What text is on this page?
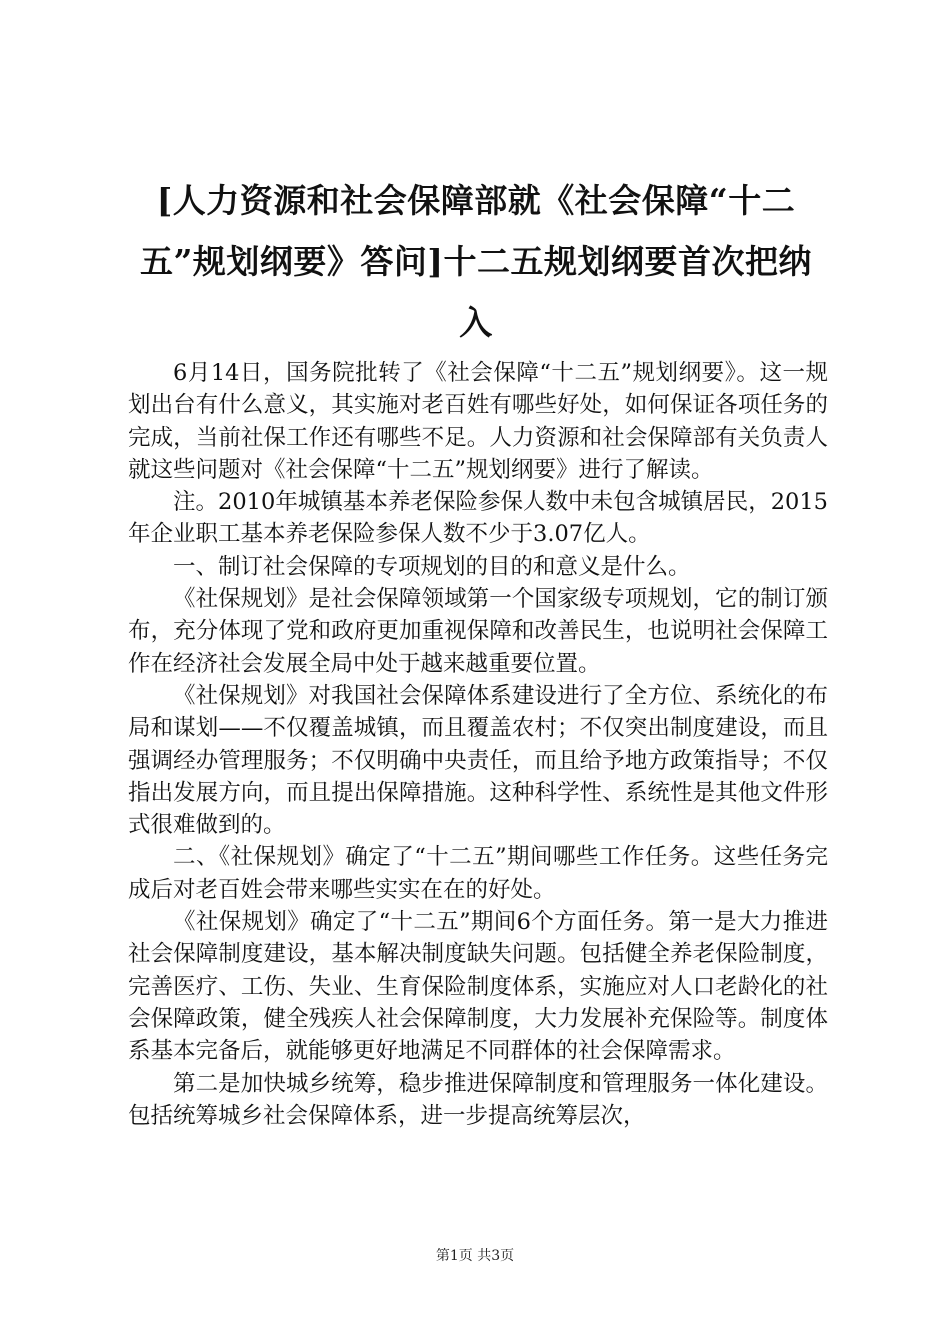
[人力资源和社会保障部就《社会保障“十二五”规划纲要》答问]十二五规划纲要首次把纳入

6月14日，国务院批转了《社会保障“十二五”规划纲要》。这一规划出台有什么意义，其实施对老百姓有哪些好处，如何保证各项任务的完成，当前社保工作还有哪些不足。人力资源和社会保障部有关负责人就这些问题对《社会保障“十二五”规划纲要》进行了解读。

注。2010年城镇基本养老保险参保人数中未包含城镇居民，2015年企业职工基本养老保险参保人数不少于3.07亿人。

一、制订社会保障的专项规划的目的和意义是什么。

《社保规划》是社会保障领域第一个国家级专项规划，它的制订颁布，充分体现了党和政府更加重视保障和改善民生，也说明社会保障工作在经济社会发展全局中处于越来越重要位置。

《社保规划》对我国社会保障体系建设进行了全方位、系统化的布局和谋划——不仅覆盖城镇，而且覆盖农村；不仅突出制度建设，而且强调经办管理服务；不仅明确中央责任，而且给予地方政策指导；不仅指出发展方向，而且提出保障措施。这种科学性、系统性是其他文件形式很难做到的。

二、《社保规划》确定了“十二五”期间哪些工作任务。这些任务完成后对老百姓会带来哪些实实在在的好处。

《社保规划》确定了“十二五”期间6个方面任务。第一是大力推进社会保障制度建设，基本解决制度缺失问题。包括健全养老保险制度，完善医疗、工伤、失业、生育保险制度体系，实施应对人口老龄化的社会保障政策，健全残疾人社会保障制度，大力发展补充保险等。制度体系基本完备后，就能够更好地满足不同群体的社会保障需求。

第二是加快城乡统筹，稳步推进保障制度和管理服务一体化建设。包括统筹城乡社会保障体系，进一步提高统筹层次，

第1页 共3页
